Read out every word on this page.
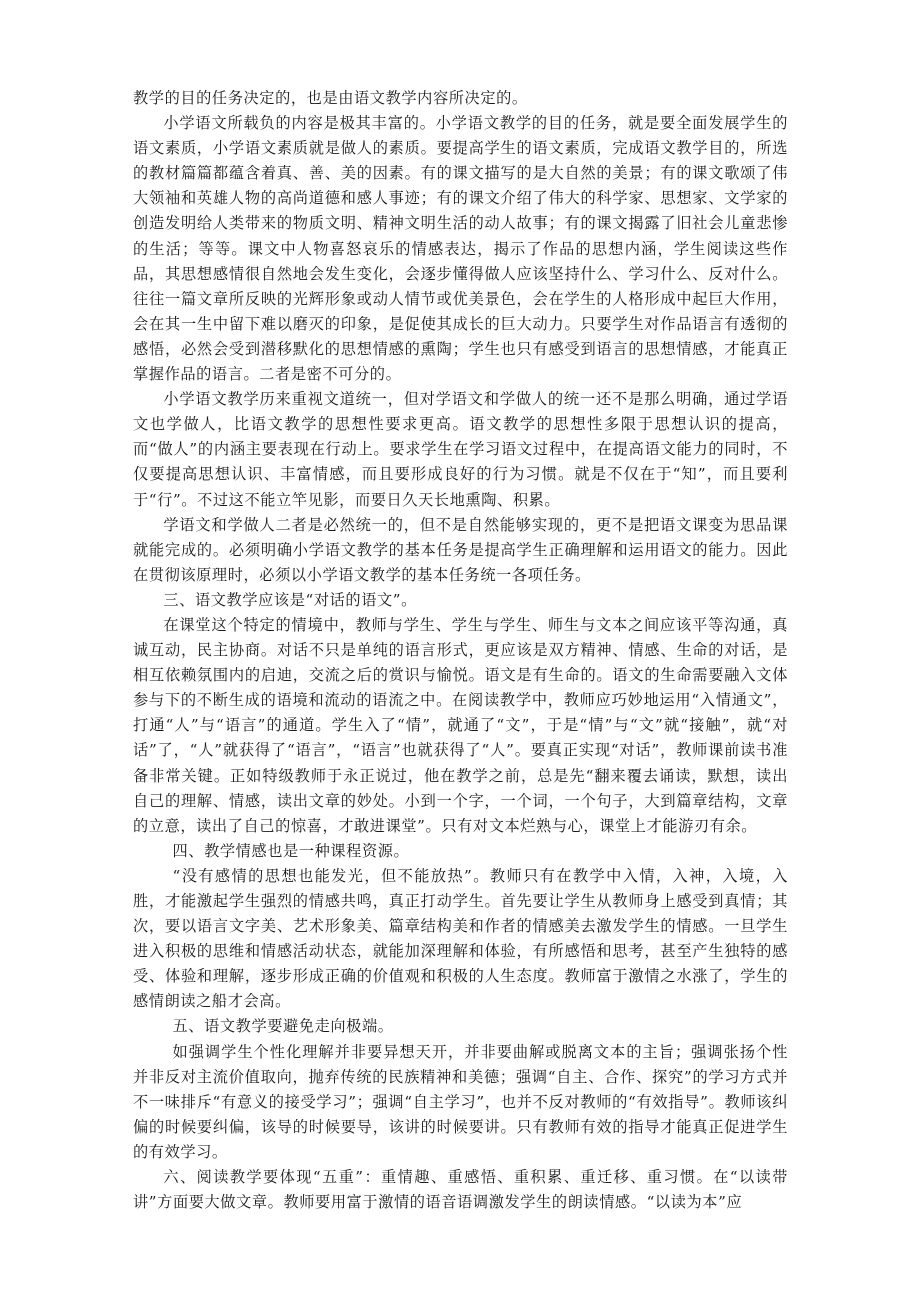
教学的目的任务决定的，也是由语文教学内容所决定的。

小学语文所载负的内容是极其丰富的。小学语文教学的目的任务，就是要全面发展学生的语文素质，小学语文素质就是做人的素质。要提高学生的语文素质，完成语文教学目的，所选的教材篇篇都蕴含着真、善、美的因素。有的课文描写的是大自然的美景；有的课文歌颂了伟大领袖和英雄人物的高尚道德和感人事迹；有的课文介绍了伟大的科学家、思想家、文学家的创造发明给人类带来的物质文明、精神文明生活的动人故事；有的课文揭露了旧社会儿童悲惨的生活；等等。课文中人物喜怒哀乐的情感表达，揭示了作品的思想内涵，学生阅读这些作品，其思想感情很自然地会发生变化，会逐步懂得做人应该坚持什么、学习什么、反对什么。往往一篇文章所反映的光辉形象或动人情节或优美景色，会在学生的人格形成中起巨大作用，会在其一生中留下难以磨灭的印象，是促使其成长的巨大动力。只要学生对作品语言有透彻的感悟，必然会受到潜移默化的思想情感的熏陶；学生也只有感受到语言的思想情感，才能真正掌握作品的语言。二者是密不可分的。

小学语文教学历来重视文道统一，但对学语文和学做人的统一还不是那么明确，通过学语文也学做人，比语文教学的思想性要求更高。语文教学的思想性多限于思想认识的提高，而“做人”的内涵主要表现在行动上。要求学生在学习语文过程中，在提高语文能力的同时，不仅要提高思想认识、丰富情感，而且要形成良好的行为习惯。就是不仅在于“知”，而且要利于“行”。不过这不能立竿见影，而要日久天长地熏陶、积累。

学语文和学做人二者是必然统一的，但不是自然能够实现的，更不是把语文课变为思品课就能完成的。必须明确小学语文教学的基本任务是提高学生正确理解和运用语文的能力。因此在贯彻该原理时，必须以小学语文教学的基本任务统一各项任务。

三、语文教学应该是“对话的语文”。

在课堂这个特定的情境中，教师与学生、学生与学生、师生与文本之间应该平等沟通，真诚互动，民主协商。对话不只是单纯的语言形式，更应该是双方精神、情感、生命的对话，是相互依赖氛围内的启迪，交流之后的赏识与愉悦。语文是有生命的。语文的生命需要融入文体参与下的不断生成的语境和流动的语流之中。在阅读教学中，教师应巧妙地运用“入情通文”，打通“人”与“语言”的通道。学生入了“情”，就通了“文”，于是“情”与“文”就“接触”，就“对话”了，“人”就获得了“语言”，“语言”也就获得了“人”。要真正实现“对话”，教师课前读书准备非常关键。正如特级教师于永正说过，他在教学之前，总是先“翻来覆去诵读，默想，读出自己的理解、情感，读出文章的妙处。小到一个字，一个词，一个句子，大到篇章结构，文章的立意，读出了自己的惊喜，才敢进课堂”。只有对文本烂熟与心，课堂上才能游刃有余。

四、教学情感也是一种课程资源。

“没有感情的思想也能发光，但不能放热”。教师只有在教学中入情，入神，入境，入胜，才能激起学生强烈的情感共鸣，真正打动学生。首先要让学生从教师身上感受到真情；其次，要以语言文字美、艺术形象美、篇章结构美和作者的情感美去激发学生的情感。一旦学生进入积极的思维和情感活动状态，就能加深理解和体验，有所感悟和思考，甚至产生独特的感受、体验和理解，逐步形成正确的价值观和积极的人生态度。教师富于激情之水涨了，学生的感情朗读之船才会高。

五、语文教学要避免走向极端。

如强调学生个性化理解并非要异想天开，并非要曲解或脱离文本的主旨；强调张扬个性并非反对主流价值取向，抛弃传统的民族精神和美德；强调“自主、合作、探究”的学习方式并不一味排斥“有意义的接受学习”；强调“自主学习”，也并不反对教师的“有效指导”。教师该纠偏的时候要纠偏，该导的时候要导，该讲的时候要讲。只有教师有效的指导才能真正促进学生的有效学习。

六、阅读教学要体现“五重”：重情趣、重感悟、重积累、重迁移、重习惯。在“以读带讲”方面要大做文章。教师要用富于激情的语音语调激发学生的朗读情感。“以读为本”应
